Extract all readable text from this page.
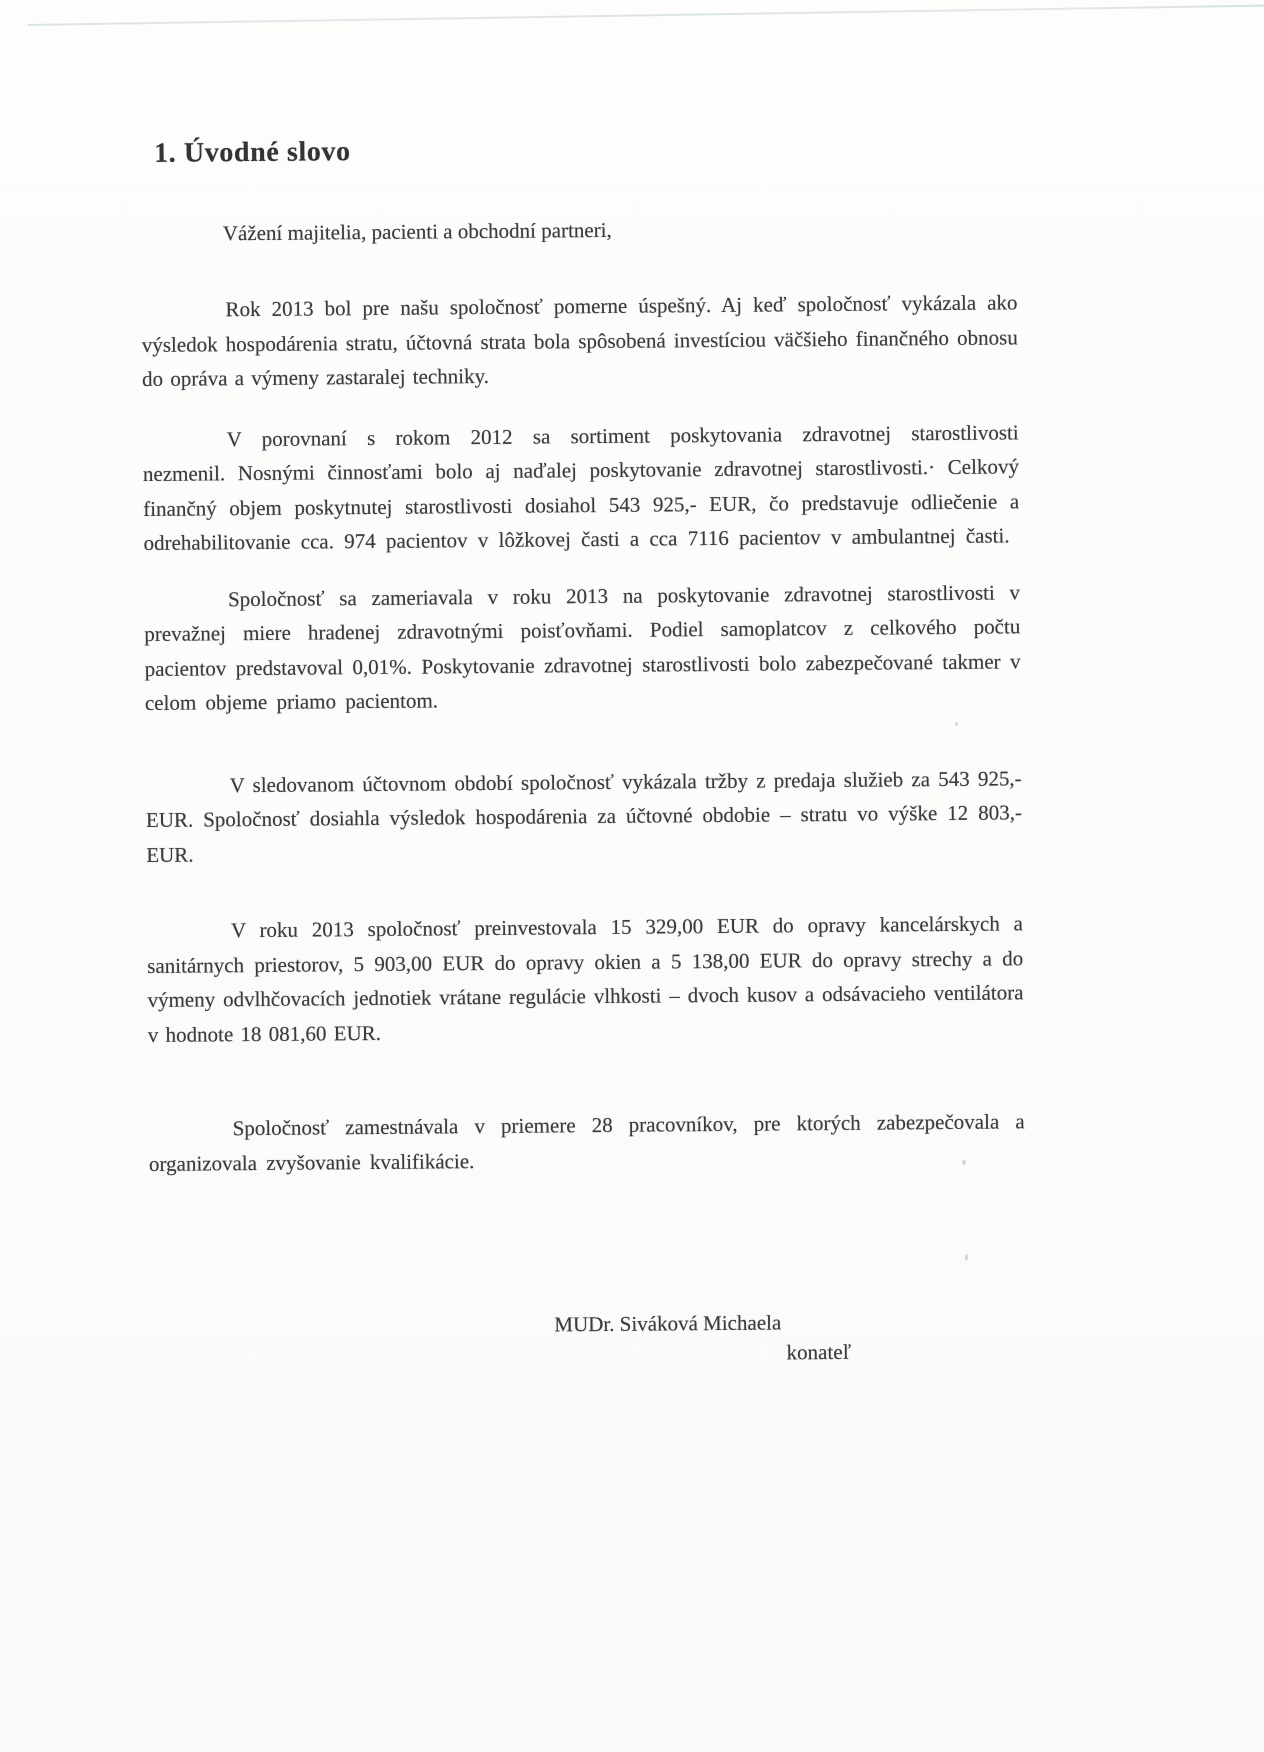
1. Úvodné slovo
Vážení majitelia, pacienti a obchodní partneri,

Rok 2013 bol pre našu spoločnosť pomerne úspešný. Aj keď spoločnosť vykázala ako výsledok hospodárenia stratu, účtovná strata bola spôsobená investíciou väčšieho finančného obnosu do opráva a výmeny zastaralej techniky.

V porovnaní s rokom 2012 sa sortiment poskytovania zdravotnej starostlivosti nezmenil. Nosnými činnosťami bolo aj naďalej poskytovanie zdravotnej starostlivosti.· Celkový finančný objem poskytnutej starostlivosti dosiahol 543 925,- EUR, čo predstavuje odliečenie a odrehabilitovanie cca. 974 pacientov v lôžkovej časti a cca 7116 pacientov v ambulantnej časti.

Spoločnosť sa zameriavala v roku 2013 na poskytovanie zdravotnej starostlivosti v prevažnej miere hradenej zdravotnými poisťovňami. Podiel samoplatcov z celkového počtu pacientov predstavoval 0,01%. Poskytovanie zdravotnej starostlivosti bolo zabezpečované takmer v celom objeme priamo pacientom.

V sledovanom účtovnom období spoločnosť vykázala tržby z predaja služieb za 543 925,- EUR. Spoločnosť dosiahla výsledok hospodárenia za účtovné obdobie – stratu vo výške 12 803,- EUR.

V roku 2013 spoločnosť preinvestovala 15 329,00 EUR do opravy kancelárskych a sanitárnych priestorov, 5 903,00 EUR do opravy okien a 5 138,00 EUR do opravy strechy a do výmeny odvlhčovacích jednotiek vrátane regulácie vlhkosti – dvoch kusov a odsávacieho ventilátora v hodnote 18 081,60 EUR.

Spoločnosť zamestnávala v priemere 28 pracovníkov, pre ktorých zabezpečovala a organizovala zvyšovanie kvalifikácie.

MUDr. Siváková Michaela
konateľ
